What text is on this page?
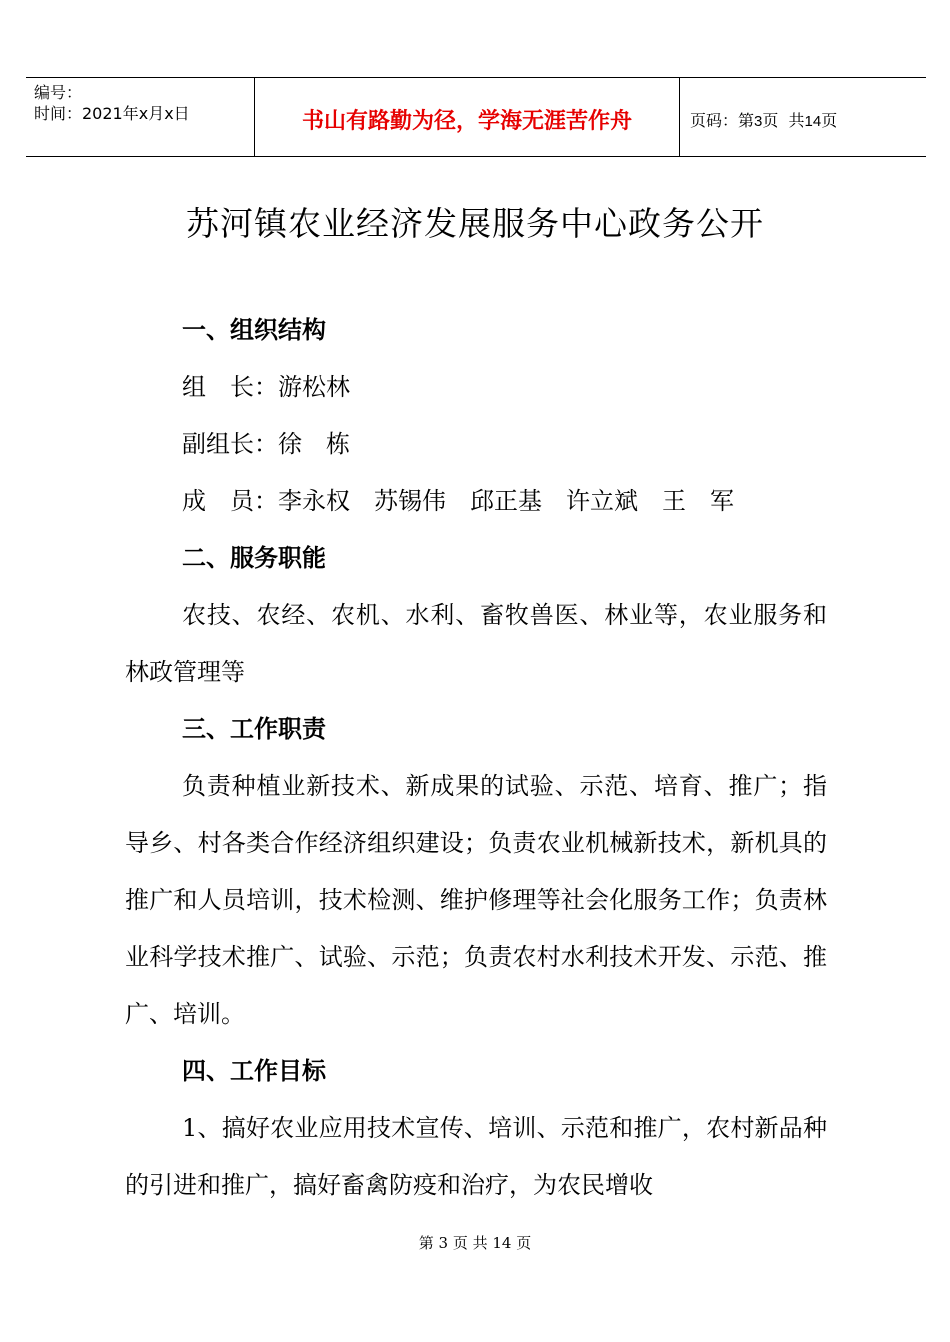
编号：
时间：2021年x月x日	书山有路勤为径，学海无涯苦作舟	页码：第3页  共14页
苏河镇农业经济发展服务中心政务公开

一、组织结构

组　长：游松林

副组长：徐　栋

成　员：李永权　苏锡伟　邱正基　许立斌　王　军

二、服务职能

农技、农经、农机、水利、畜牧兽医、林业等，农业服务和林政管理等

三、工作职责

负责种植业新技术、新成果的试验、示范、培育、推广；指导乡、村各类合作经济组织建设；负责农业机械新技术，新机具的推广和人员培训，技术检测、维护修理等社会化服务工作；负责林业科学技术推广、试验、示范；负责农村水利技术开发、示范、推广、培训。

四、工作目标

1、搞好农业应用技术宣传、培训、示范和推广，农村新品种的引进和推广，搞好畜禽防疫和治疗，为农民增收

第 3 页 共 14 页
